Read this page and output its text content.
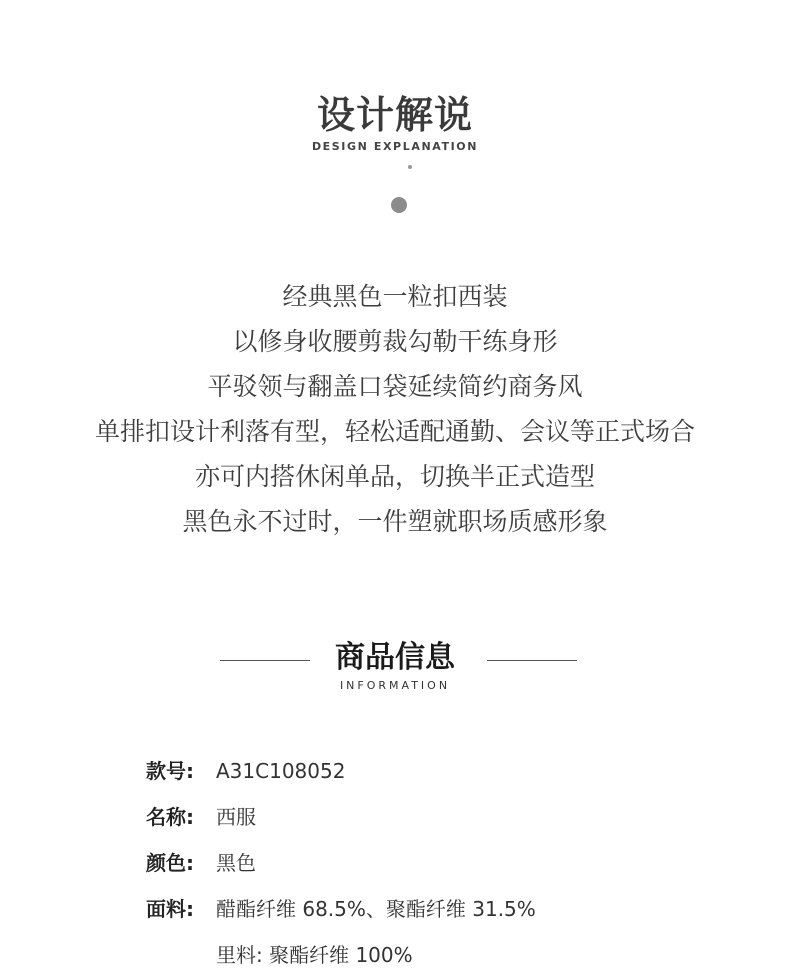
设计解说
DESIGN EXPLANATION
经典黑色一粒扣西装
以修身收腰剪裁勾勒干练身形
平驳领与翻盖口袋延续简约商务风
单排扣设计利落有型，轻松适配通勤、会议等正式场合
亦可内搭休闲单品，切换半正式造型
黑色永不过时，一件塑就职场质感形象
商品信息
INFORMATION
款号: A31C108052
名称: 西服
颜色: 黑色
面料: 醋酯纤维 68.5%、聚酯纤维 31.5%
里料: 聚酯纤维 100%
